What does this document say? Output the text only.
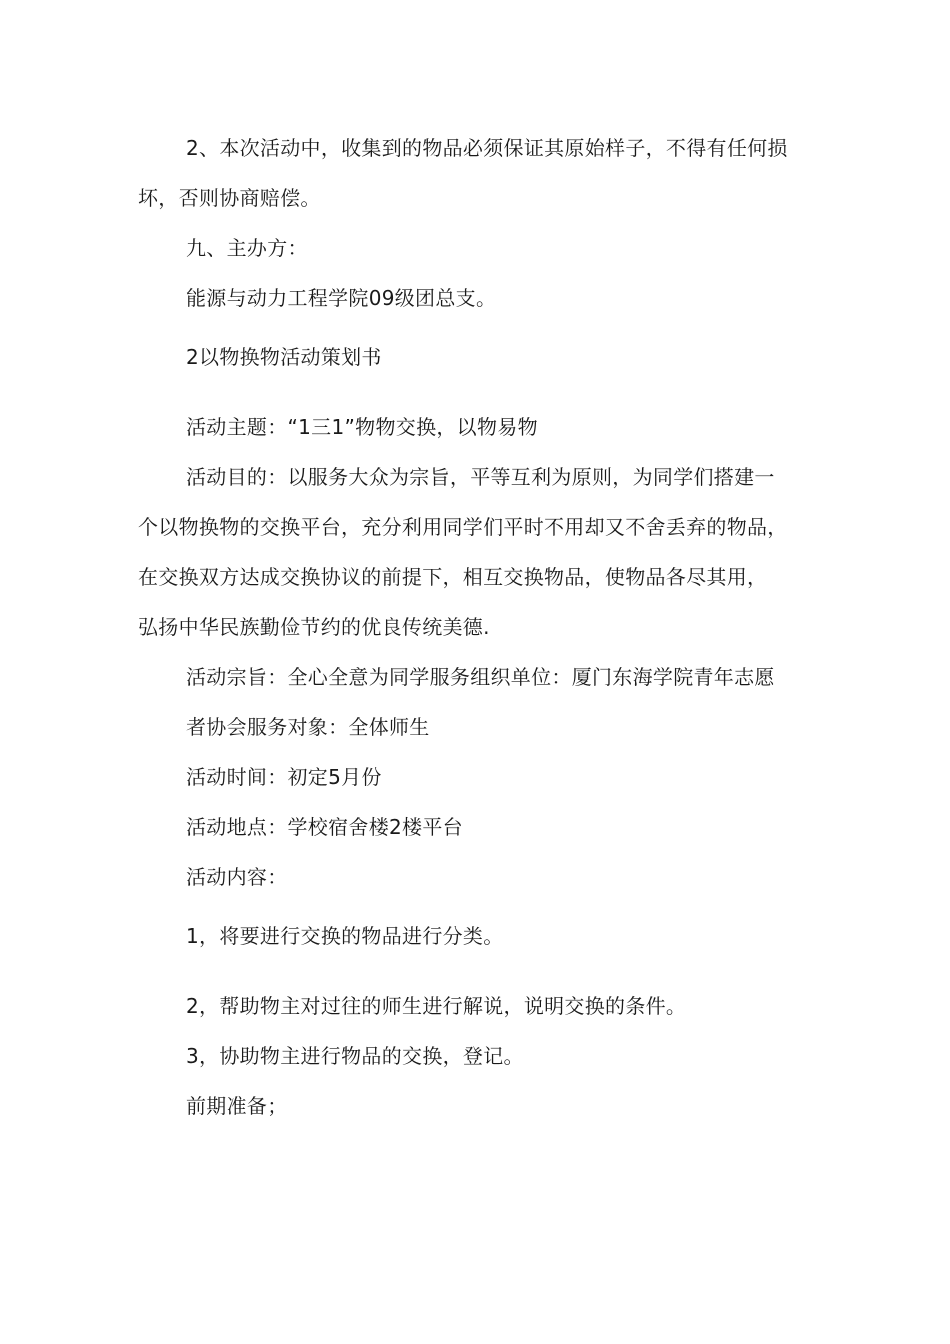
2、本次活动中，收集到的物品必须保证其原始样子，不得有任何损
坏，否则协商赔偿。
九、主办方：
能源与动力工程学院09级团总支。
2以物换物活动策划书
活动主题：“1三1”物物交换，以物易物
活动目的：以服务大众为宗旨，平等互利为原则，为同学们搭建一
个以物换物的交换平台，充分利用同学们平时不用却又不舍丢弃的物品，
在交换双方达成交换协议的前提下，相互交换物品，使物品各尽其用，
弘扬中华民族勤俭节约的优良传统美德.
活动宗旨：全心全意为同学服务组织单位：厦门东海学院青年志愿
者协会服务对象：全体师生
活动时间：初定5月份
活动地点：学校宿舍楼2楼平台
活动内容：
1，将要进行交换的物品进行分类。
2，帮助物主对过往的师生进行解说，说明交换的条件。
3，协助物主进行物品的交换，登记。
前期准备；
